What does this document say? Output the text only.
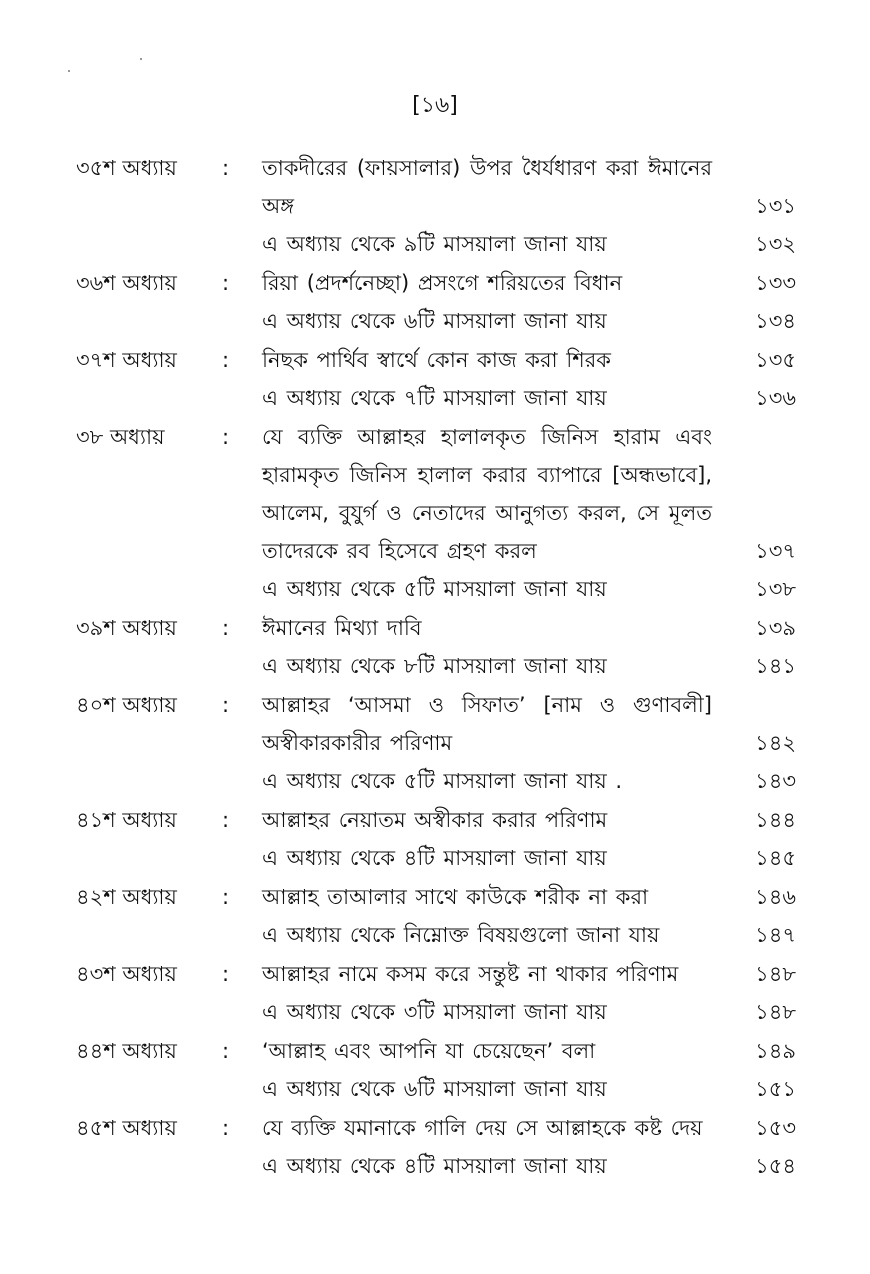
[১৬]
৩৫শ অধ্যায় : তাকদীরের (ফায়সালার) উপর ধৈর্যধারণ করা ঈমানের অঙ্গ	১৩১
এ অধ্যায় থেকে ৯টি মাসয়ালা জানা যায়	১৩২
৩৬শ অধ্যায় : রিয়া (প্রদর্শনেচ্ছা) প্রসংগে শরিয়তের বিধান	১৩৩
এ অধ্যায় থেকে ৬টি মাসয়ালা জানা যায়	১৩৪
৩৭শ অধ্যায় : নিছক পার্থিব স্বার্থে কোন কাজ করা শিরক	১৩৫
এ অধ্যায় থেকে ৭টি মাসয়ালা জানা যায়	১৩৬
৩৮ অধ্যায়	: যে ব্যক্তি আল্লাহর হালালকৃত জিনিস হারাম এবং হারামকৃত জিনিস হালাল করার ব্যাপারে [অন্ধভাবে], আলেম, বুযুর্গ ও নেতাদের আনুগত্য করল, সে মূলত তাদেরকে রব হিসেবে গ্রহণ করল	১৩৭
এ অধ্যায় থেকে ৫টি মাসয়ালা জানা যায়	১৩৮
৩৯শ অধ্যায় : ঈমানের মিথ্যা দাবি	১৩৯
এ অধ্যায় থেকে ৮টি মাসয়ালা জানা যায়	১৪১
৪০শ অধ্যায় : আল্লাহর ‘আসমা ও সিফাত’ [নাম ও গুণাবলী] অস্বীকারকারীর পরিণাম	১৪২
এ অধ্যায় থেকে ৫টি মাসয়ালা জানা যায় .	১৪৩
৪১শ অধ্যায় : আল্লাহর নেয়াতম অস্বীকার করার পরিণাম	১৪৪
এ অধ্যায় থেকে ৪টি মাসয়ালা জানা যায়	১৪৫
৪২শ অধ্যায় : আল্লাহ তাআলার সাথে কাউকে শরীক না করা	১৪৬
এ অধ্যায় থেকে নিম্নোক্ত বিষয়গুলো জানা যায়	১৪৭
৪৩শ অধ্যায় : আল্লাহর নামে কসম করে সন্তুষ্ট না থাকার পরিণাম	১৪৮
এ অধ্যায় থেকে ৩টি মাসয়ালা জানা যায়	১৪৮
৪৪শ অধ্যায় : ‘আল্লাহ এবং আপনি যা চেয়েছেন’ বলা	১৪৯
এ অধ্যায় থেকে ৬টি মাসয়ালা জানা যায়	১৫১
৪৫শ অধ্যায় : যে ব্যক্তি যমানাকে গালি দেয় সে আল্লাহকে কষ্ট দেয়	১৫৩
এ অধ্যায় থেকে ৪টি মাসয়ালা জানা যায়	১৫৪
